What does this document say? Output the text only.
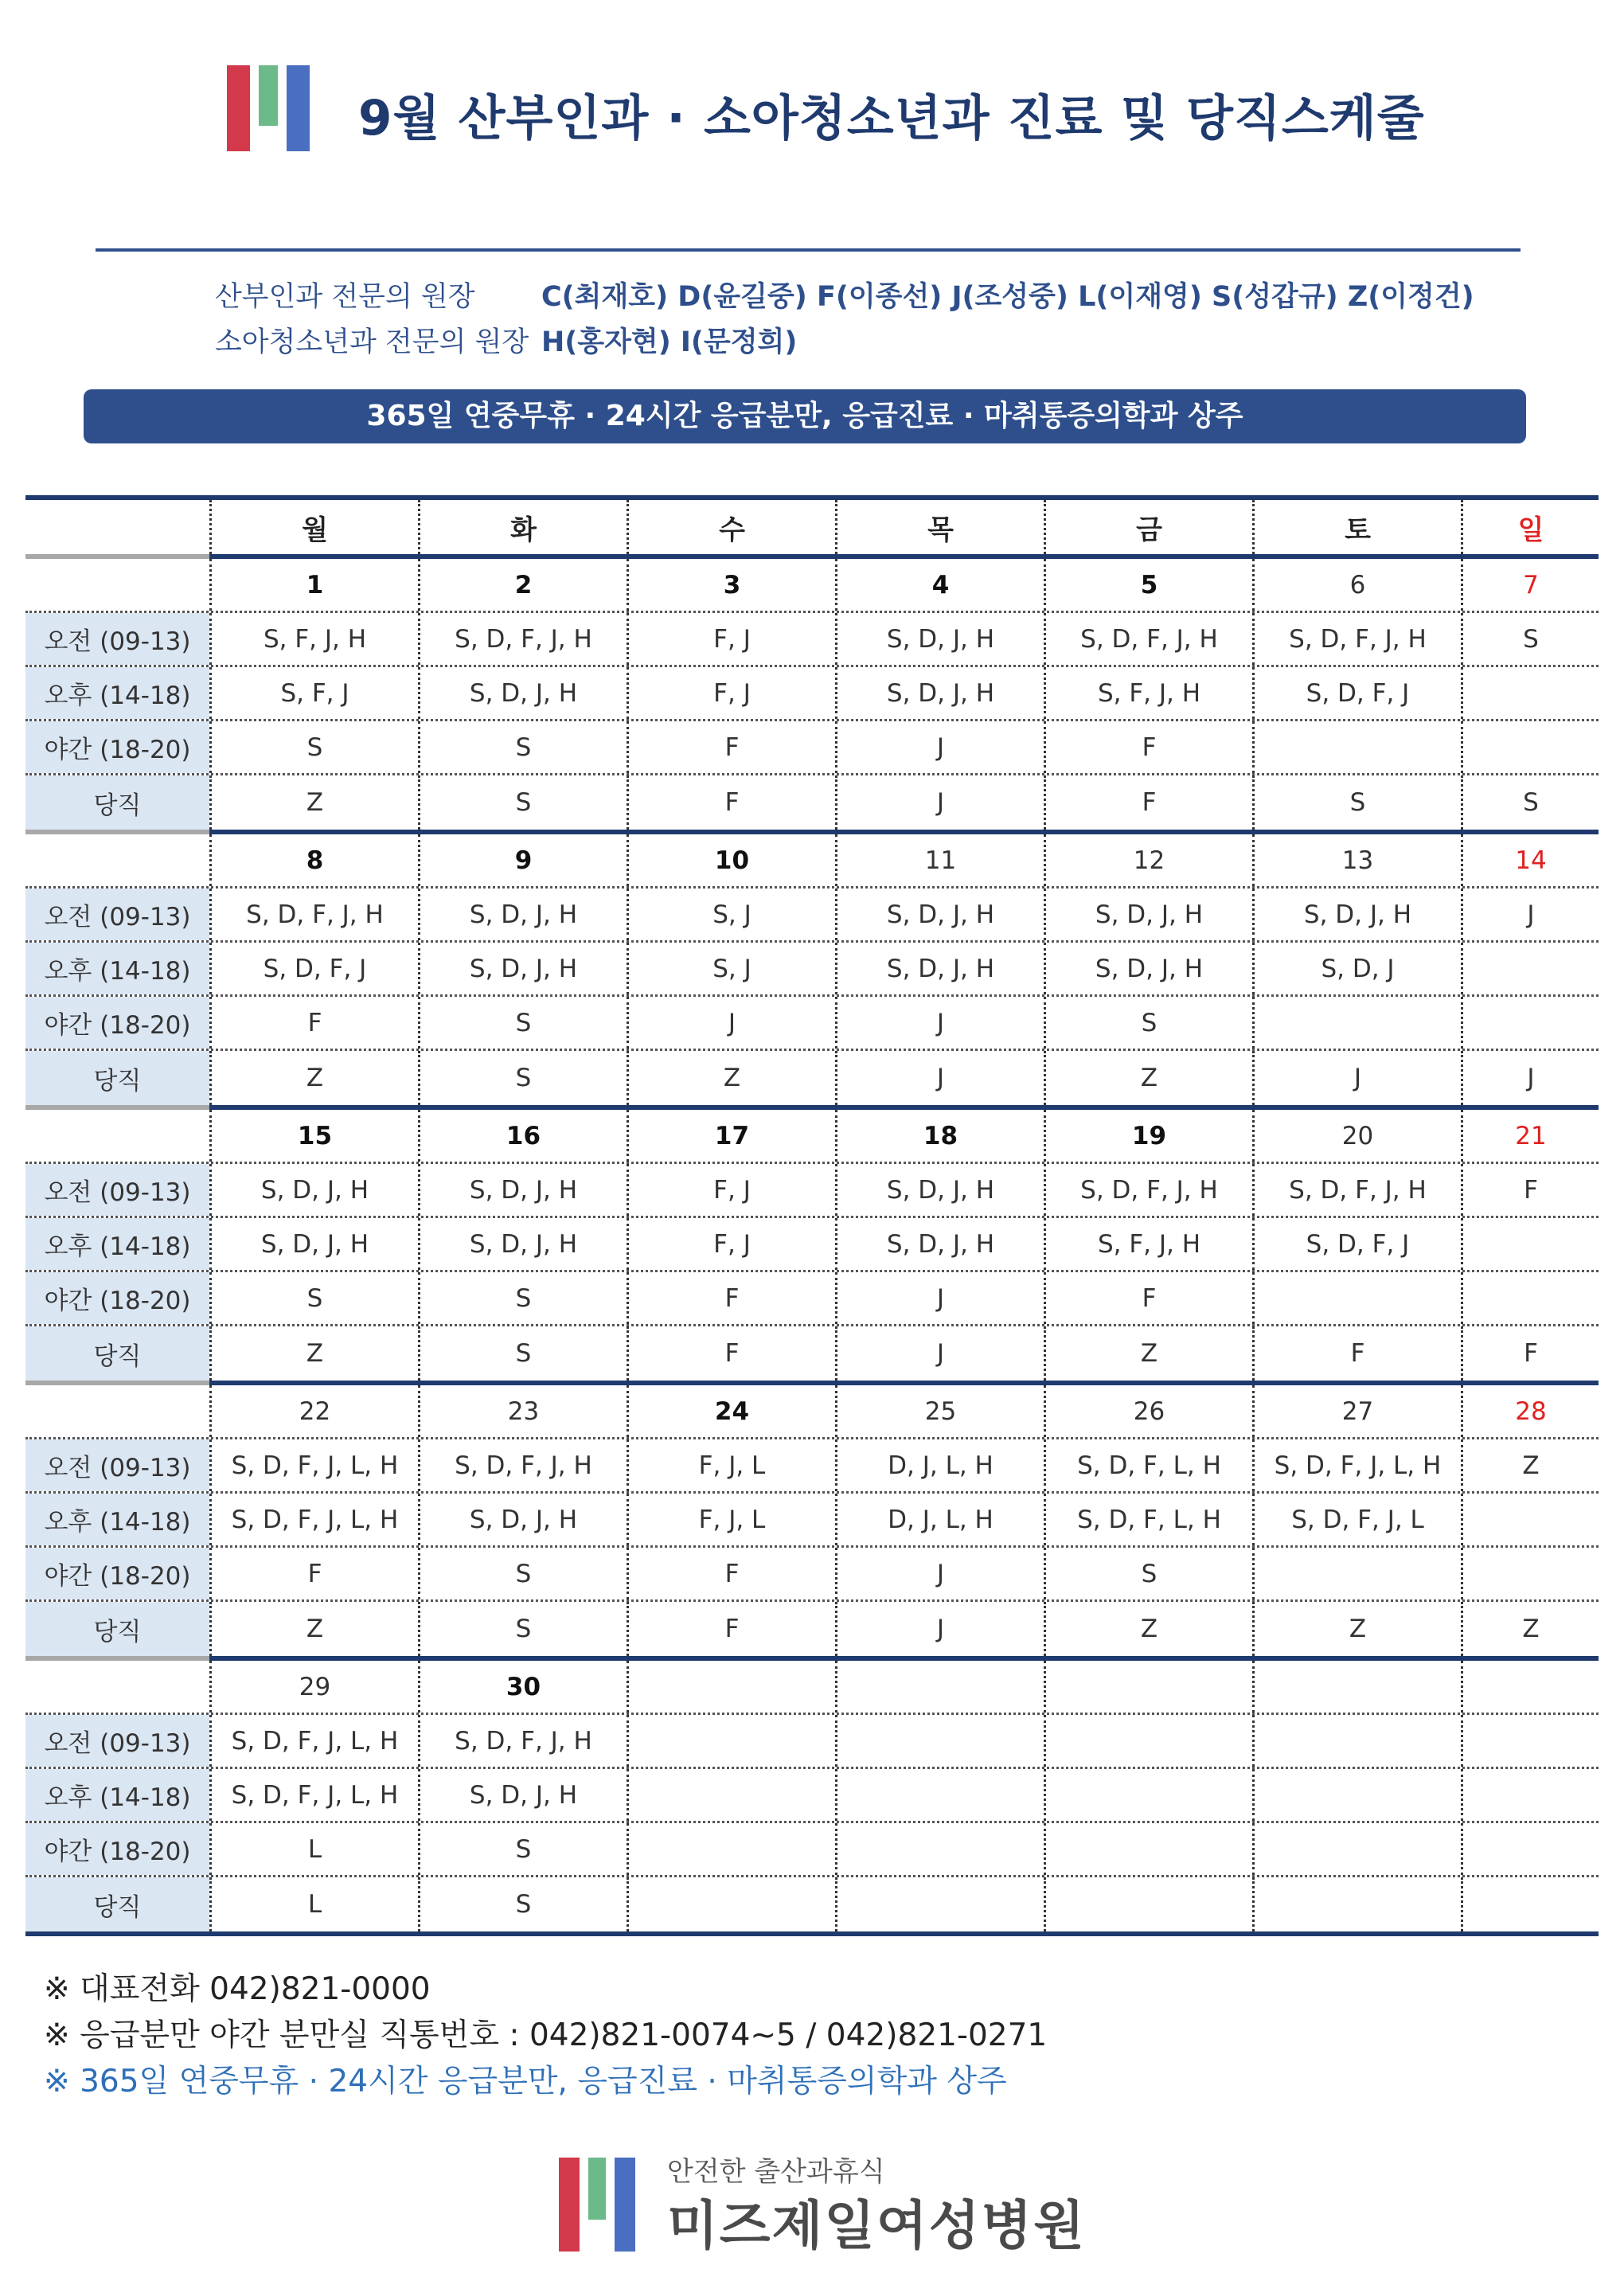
9월 산부인과 · 소아청소년과 진료 및 당직스케줄
산부인과 전문의 원장 C(최재호) D(윤길중) F(이종선) J(조성중) L(이재영) S(성갑규) Z(이정건)
소아청소년과 전문의 원장 H(홍자현) I(문정희)
365일 연중무휴 · 24시간 응급분만, 응급진료 · 마취통증의학과 상주
월	화	수	목	금	토	일
1	2	3	4	5	6	7
오전 (09-13)	S, F, J, H	S, D, F, J, H	F, J	S, D, J, H	S, D, F, J, H	S, D, F, J, H	S
오후 (14-18)	S, F, J	S, D, J, H	F, J	S, D, J, H	S, F, J, H	S, D, F, J
야간 (18-20)	S	S	F	J	F
당직	Z	S	F	J	F	S	S
8	9	10	11	12	13	14
오전 (09-13)	S, D, F, J, H	S, D, J, H	S, J	S, D, J, H	S, D, J, H	S, D, J, H	J
오후 (14-18)	S, D, F, J	S, D, J, H	S, J	S, D, J, H	S, D, J, H	S, D, J
야간 (18-20)	F	S	J	J	S
당직	Z	S	Z	J	Z	J	J
15	16	17	18	19	20	21
오전 (09-13)	S, D, J, H	S, D, J, H	F, J	S, D, J, H	S, D, F, J, H	S, D, F, J, H	F
오후 (14-18)	S, D, J, H	S, D, J, H	F, J	S, D, J, H	S, F, J, H	S, D, F, J
야간 (18-20)	S	S	F	J	F
당직	Z	S	F	J	Z	F	F
22	23	24	25	26	27	28
오전 (09-13)	S, D, F, J, L, H	S, D, F, J, H	F, J, L	D, J, L, H	S, D, F, L, H	S, D, F, J, L, H	Z
오후 (14-18)	S, D, F, J, L, H	S, D, J, H	F, J, L	D, J, L, H	S, D, F, L, H	S, D, F, J, L
야간 (18-20)	F	S	F	J	S
당직	Z	S	F	J	Z	Z	Z
29	30
오전 (09-13)	S, D, F, J, L, H	S, D, F, J, H
오후 (14-18)	S, D, F, J, L, H	S, D, J, H
야간 (18-20)	L	S
당직	L	S
※ 대표전화 042)821-0000
※ 응급분만 야간 분만실 직통번호 : 042)821-0074~5 / 042)821-0271
※ 365일 연중무휴 · 24시간 응급분만, 응급진료 · 마취통증의학과 상주
안전한 출산과휴식
미즈제일여성병원
